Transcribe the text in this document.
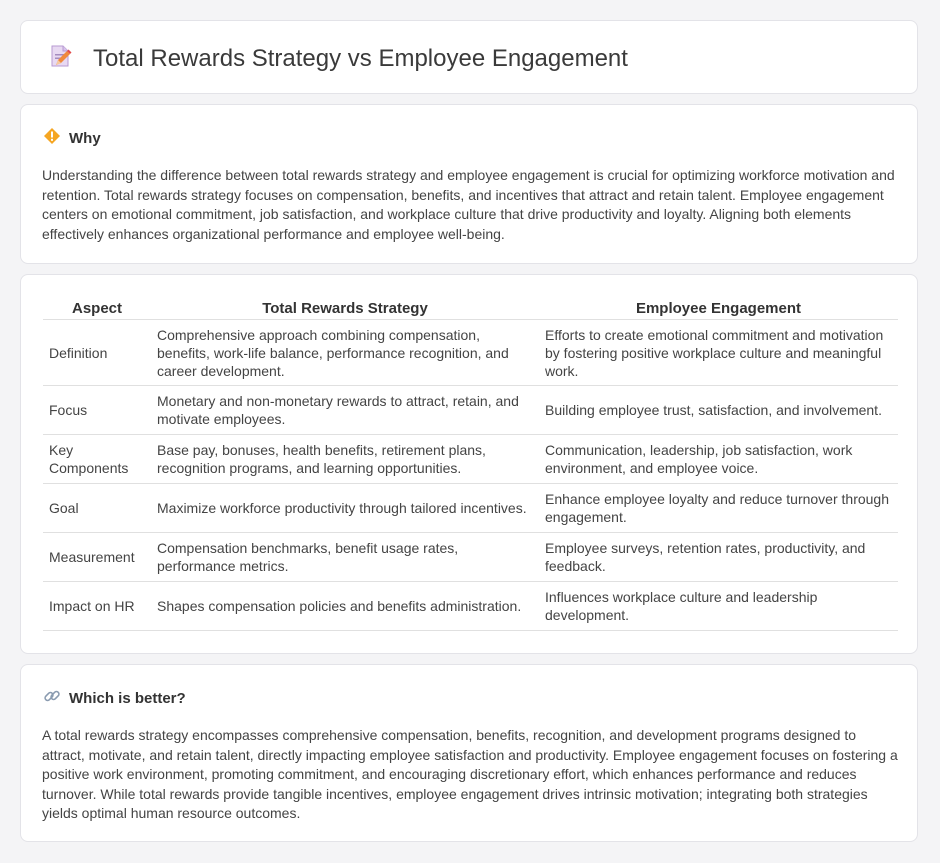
Total Rewards Strategy vs Employee Engagement
Why

Understanding the difference between total rewards strategy and employee engagement is crucial for optimizing workforce motivation and retention. Total rewards strategy focuses on compensation, benefits, and incentives that attract and retain talent. Employee engagement centers on emotional commitment, job satisfaction, and workplace culture that drive productivity and loyalty. Aligning both elements effectively enhances organizational performance and employee well-being.

Aspect	Total Rewards Strategy	Employee Engagement
Definition	Comprehensive approach combining compensation, benefits, work-life balance, performance recognition, and career development.	Efforts to create emotional commitment and motivation by fostering positive workplace culture and meaningful work.
Focus	Monetary and non-monetary rewards to attract, retain, and motivate employees.	Building employee trust, satisfaction, and involvement.
Key Components	Base pay, bonuses, health benefits, retirement plans, recognition programs, and learning opportunities.	Communication, leadership, job satisfaction, work environment, and employee voice.
Goal	Maximize workforce productivity through tailored incentives.	Enhance employee loyalty and reduce turnover through engagement.
Measurement	Compensation benchmarks, benefit usage rates, performance metrics.	Employee surveys, retention rates, productivity, and feedback.
Impact on HR	Shapes compensation policies and benefits administration.	Influences workplace culture and leadership development.
Which is better?

A total rewards strategy encompasses comprehensive compensation, benefits, recognition, and development programs designed to attract, motivate, and retain talent, directly impacting employee satisfaction and productivity. Employee engagement focuses on fostering a positive work environment, promoting commitment, and encouraging discretionary effort, which enhances performance and reduces turnover. While total rewards provide tangible incentives, employee engagement drives intrinsic motivation; integrating both strategies yields optimal human resource outcomes.
